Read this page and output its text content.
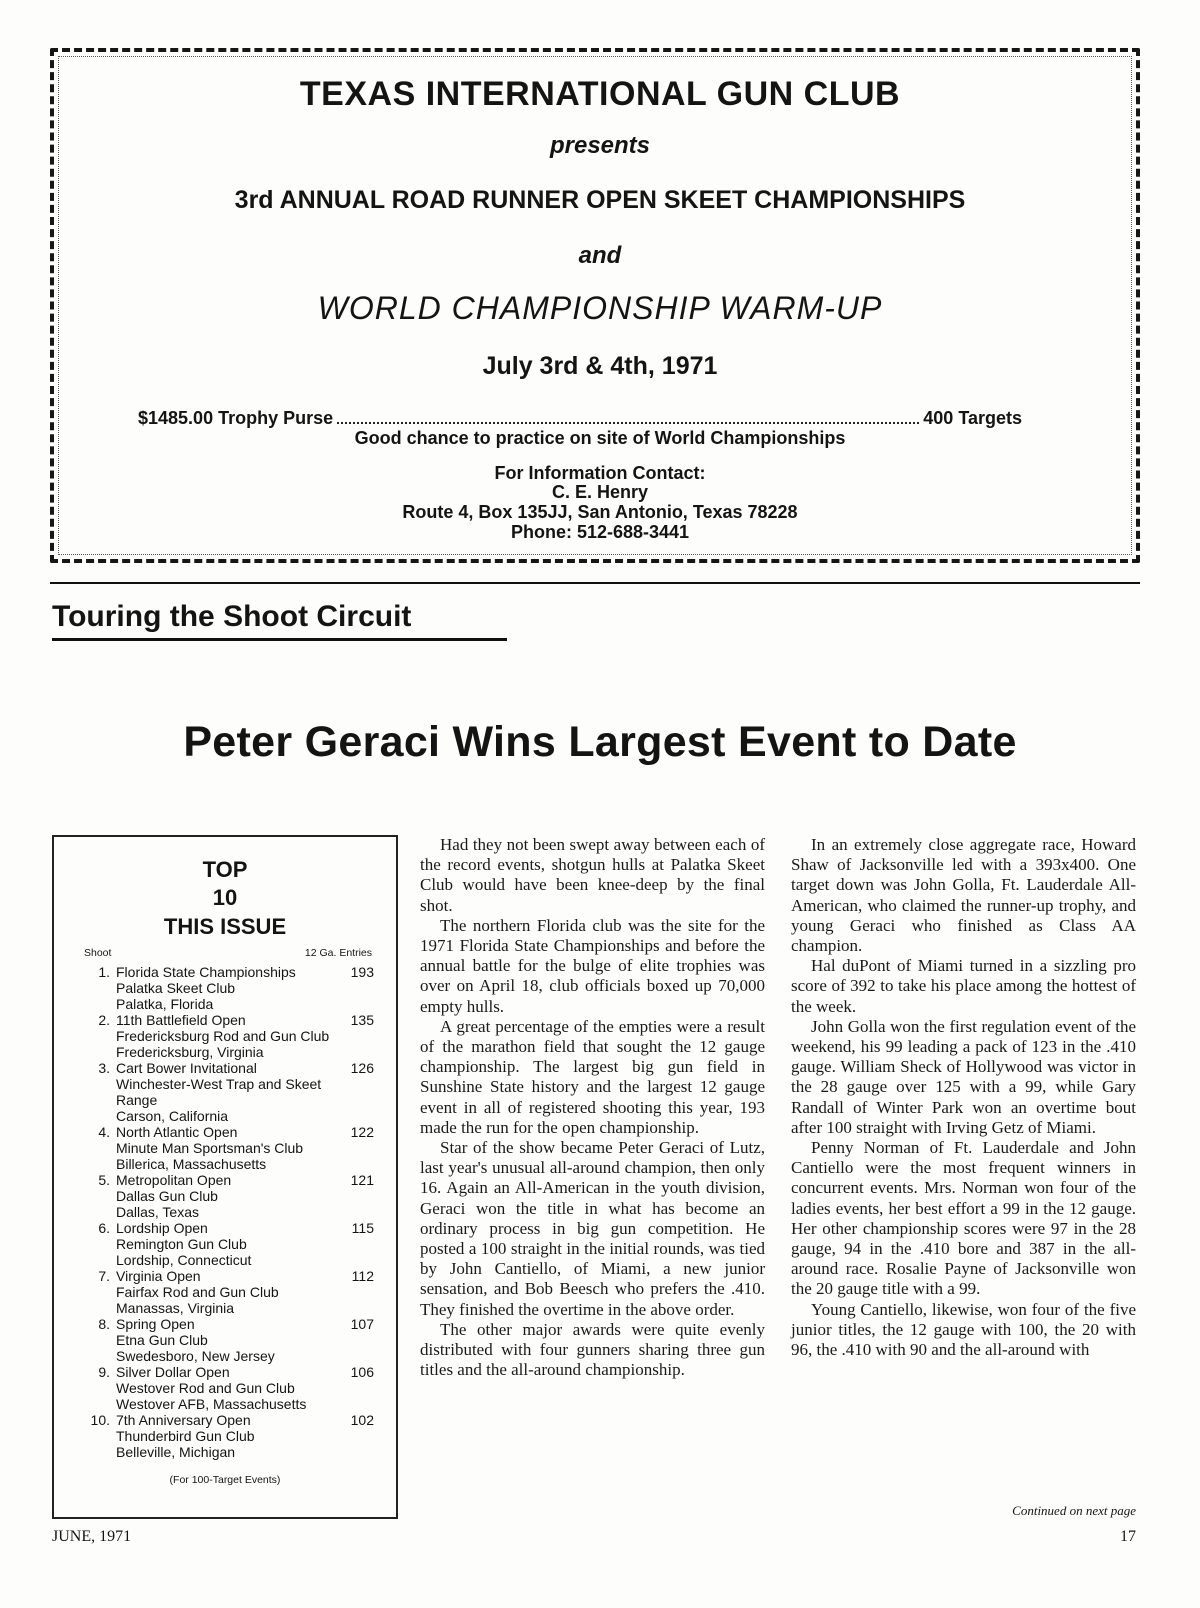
TEXAS INTERNATIONAL GUN CLUB
presents
3rd ANNUAL ROAD RUNNER OPEN SKEET CHAMPIONSHIPS
and
WORLD CHAMPIONSHIP WARM-UP
July 3rd & 4th, 1971
$1485.00 Trophy Purse	400 Targets
Good chance to practice on site of World Championships
For Information Contact:
C. E. Henry
Route 4, Box 135JJ, San Antonio, Texas 78228
Phone: 512-688-3441
Touring the Shoot Circuit
Peter Geraci Wins Largest Event to Date
TOP
10
THIS ISSUE
Shoot	12 Ga. Entries
1. Florida State Championships	193
Palatka Skeet Club
Palatka, Florida
2. 11th Battlefield Open	135
Fredericksburg Rod and Gun Club
Fredericksburg, Virginia
3. Cart Bower Invitational	126
Winchester-West Trap and Skeet
Range
Carson, California
4. North Atlantic Open	122
Minute Man Sportsman's Club
Billerica, Massachusetts
5. Metropolitan Open	121
Dallas Gun Club
Dallas, Texas
6. Lordship Open	115
Remington Gun Club
Lordship, Connecticut
7. Virginia Open	112
Fairfax Rod and Gun Club
Manassas, Virginia
8. Spring Open	107
Etna Gun Club
Swedesboro, New Jersey
9. Silver Dollar Open	106
Westover Rod and Gun Club
Westover AFB, Massachusetts
10. 7th Anniversary Open	102
Thunderbird Gun Club
Belleville, Michigan
(For 100-Target Events)

Had they not been swept away between each of the record events, shotgun hulls at Palatka Skeet Club would have been knee-deep by the final shot.

The northern Florida club was the site for the 1971 Florida State Championships and before the annual battle for the bulge of elite trophies was over on April 18, club officials boxed up 70,000 empty hulls.

A great percentage of the empties were a result of the marathon field that sought the 12 gauge championship. The largest big gun field in Sunshine State history and the largest 12 gauge event in all of registered shooting this year, 193 made the run for the open championship.

Star of the show became Peter Geraci of Lutz, last year's unusual all-around champion, then only 16. Again an All-American in the youth division, Geraci won the title in what has become an ordinary process in big gun competition. He posted a 100 straight in the initial rounds, was tied by John Cantiello, of Miami, a new junior sensation, and Bob Beesch who prefers the .410. They finished the overtime in the above order.

The other major awards were quite evenly distributed with four gunners sharing three gun titles and the all-around championship.

In an extremely close aggregate race, Howard Shaw of Jacksonville led with a 393x400. One target down was John Golla, Ft. Lauderdale All-American, who claimed the runner-up trophy, and young Geraci who finished as Class AA champion.

Hal duPont of Miami turned in a sizzling pro score of 392 to take his place among the hottest of the week.

John Golla won the first regulation event of the weekend, his 99 leading a pack of 123 in the .410 gauge. William Sheck of Hollywood was victor in the 28 gauge over 125 with a 99, while Gary Randall of Winter Park won an overtime bout after 100 straight with Irving Getz of Miami.

Penny Norman of Ft. Lauderdale and John Cantiello were the most frequent winners in concurrent events. Mrs. Norman won four of the ladies events, her best effort a 99 in the 12 gauge. Her other championship scores were 97 in the 28 gauge, 94 in the .410 bore and 387 in the all-around race. Rosalie Payne of Jacksonville won the 20 gauge title with a 99.

Young Cantiello, likewise, won four of the five junior titles, the 12 gauge with 100, the 20 with 96, the .410 with 90 and the all-around with

Continued on next page
JUNE, 1971	17
